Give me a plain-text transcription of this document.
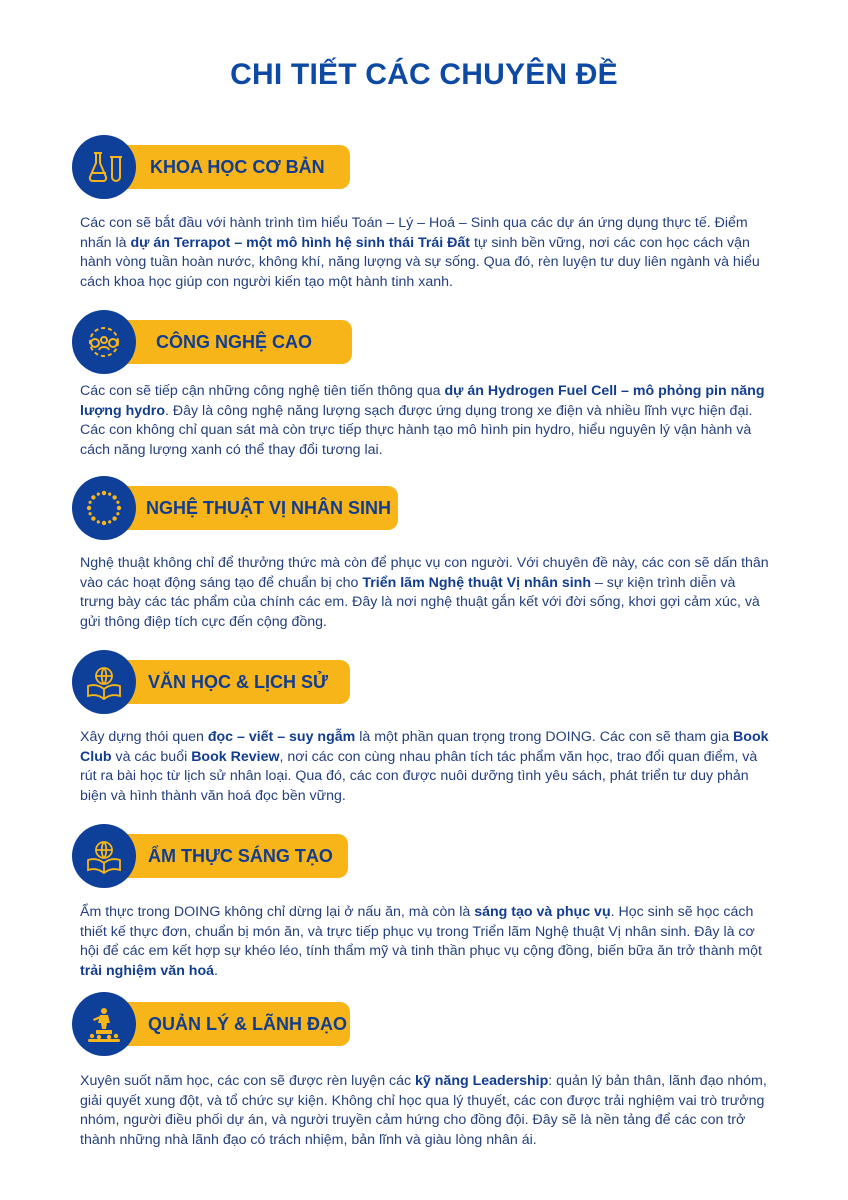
CHI TIẾT CÁC CHUYÊN ĐỀ
KHOA HỌC CƠ BẢN
Các con sẽ bắt đầu với hành trình tìm hiểu Toán – Lý – Hoá – Sinh qua các dự án ứng dụng thực tế. Điểm nhấn là dự án Terrapot – một mô hình hệ sinh thái Trái Đất tự sinh bền vững, nơi các con học cách vận hành vòng tuần hoàn nước, không khí, năng lượng và sự sống. Qua đó, rèn luyện tư duy liên ngành và hiểu cách khoa học giúp con người kiến tạo một hành tinh xanh.
CÔNG NGHỆ CAO
Các con sẽ tiếp cận những công nghệ tiên tiến thông qua dự án Hydrogen Fuel Cell – mô phỏng pin năng lượng hydro. Đây là công nghệ năng lượng sạch được ứng dụng trong xe điện và nhiều lĩnh vực hiện đại. Các con không chỉ quan sát mà còn trực tiếp thực hành tạo mô hình pin hydro, hiểu nguyên lý vận hành và cách năng lượng xanh có thể thay đổi tương lai.
NGHỆ THUẬT VỊ NHÂN SINH
Nghệ thuật không chỉ để thưởng thức mà còn để phục vụ con người. Với chuyên đề này, các con sẽ dấn thân vào các hoạt động sáng tạo để chuẩn bị cho Triển lãm Nghệ thuật Vị nhân sinh – sự kiện trình diễn và trưng bày các tác phẩm của chính các em. Đây là nơi nghệ thuật gắn kết với đời sống, khơi gợi cảm xúc, và gửi thông điệp tích cực đến cộng đồng.
VĂN HỌC & LỊCH SỬ
Xây dựng thói quen đọc – viết – suy ngẫm là một phần quan trọng trong DOING. Các con sẽ tham gia Book Club và các buổi Book Review, nơi các con cùng nhau phân tích tác phẩm văn học, trao đổi quan điểm, và rút ra bài học từ lịch sử nhân loại. Qua đó, các con được nuôi dưỡng tình yêu sách, phát triển tư duy phản biện và hình thành văn hoá đọc bền vững.
ẨM THỰC SÁNG TẠO
Ẩm thực trong DOING không chỉ dừng lại ở nấu ăn, mà còn là sáng tạo và phục vụ. Học sinh sẽ học cách thiết kế thực đơn, chuẩn bị món ăn, và trực tiếp phục vụ trong Triển lãm Nghệ thuật Vị nhân sinh. Đây là cơ hội để các em kết hợp sự khéo léo, tính thẩm mỹ và tinh thần phục vụ cộng đồng, biến bữa ăn trở thành một trải nghiệm văn hoá.
QUẢN LÝ & LÃNH ĐẠO
Xuyên suốt năm học, các con sẽ được rèn luyện các kỹ năng Leadership: quản lý bản thân, lãnh đạo nhóm, giải quyết xung đột, và tổ chức sự kiện. Không chỉ học qua lý thuyết, các con được trải nghiệm vai trò trưởng nhóm, người điều phối dự án, và người truyền cảm hứng cho đồng đội. Đây sẽ là nền tảng để các con trở thành những nhà lãnh đạo có trách nhiệm, bản lĩnh và giàu lòng nhân ái.
